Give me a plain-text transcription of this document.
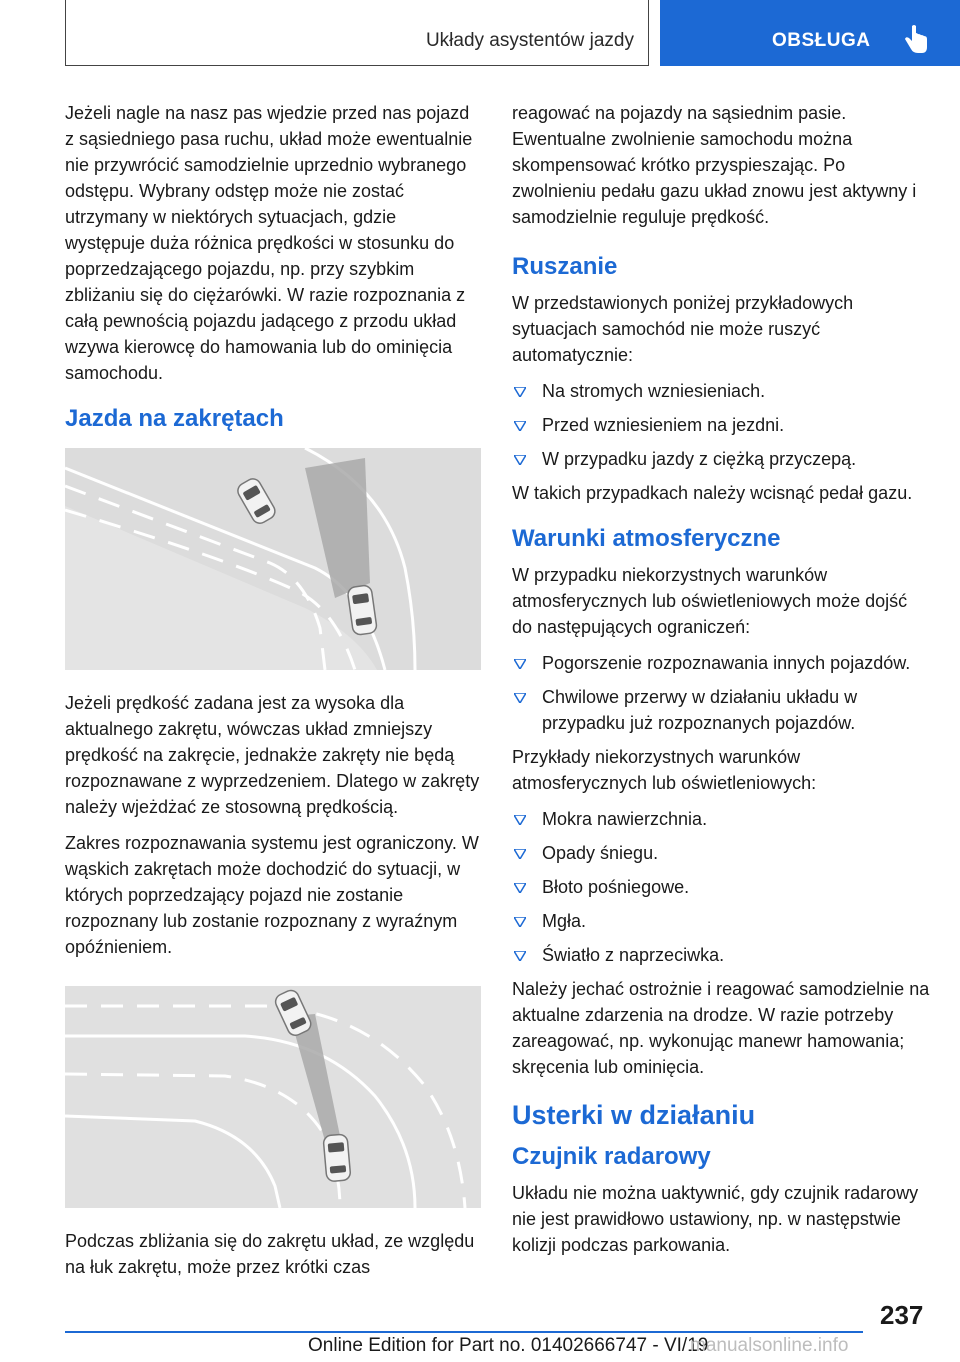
Układy asystentów jazdy	OBSŁUGA

Jeżeli nagle na nasz pas wjedzie przed nas pojazd z sąsiedniego pasa ruchu, układ może ewentualnie nie przywrócić samodzielnie uprzednio wybranego odstępu. Wybrany odstęp może nie zostać utrzymany w niektórych sytuacjach, gdzie występuje duża różnica prędkości w stosunku do poprzedzającego pojazdu, np. przy szybkim zbliżaniu się do ciężarówki. W razie rozpoznania z całą pewnością pojazdu jadącego z przodu układ wzywa kierowcę do hamowania lub do ominięcia samochodu.

Jazda na zakrętach

Jeżeli prędkość zadana jest za wysoka dla aktualnego zakrętu, wówczas układ zmniejszy prędkość na zakręcie, jednakże zakręty nie będą rozpoznawane z wyprzedzeniem. Dlatego w zakręty należy wjeżdżać ze stosowną prędkością.

Zakres rozpoznawania systemu jest ograniczony. W wąskich zakrętach może dochodzić do sytuacji, w których poprzedzający pojazd nie zostanie rozpoznany lub zostanie rozpoznany z wyraźnym opóźnieniem.

Podczas zbliżania się do zakrętu układ, ze względu na łuk zakrętu, może przez krótki czas

reagować na pojazdy na sąsiednim pasie. Ewentualne zwolnienie samochodu można skompensować krótko przyspieszając. Po zwolnieniu pedału gazu układ znowu jest aktywny i samodzielnie reguluje prędkość.

Ruszanie

W przedstawionych poniżej przykładowych sytuacjach samochód nie może ruszyć automatycznie:

Na stromych wzniesieniach.
Przed wzniesieniem na jezdni.
W przypadku jazdy z ciężką przyczepą.

W takich przypadkach należy wcisnąć pedał gazu.

Warunki atmosferyczne

W przypadku niekorzystnych warunków atmosferycznych lub oświetleniowych może dojść do następujących ograniczeń:

Pogorszenie rozpoznawania innych pojazdów.
Chwilowe przerwy w działaniu układu w przypadku już rozpoznanych pojazdów.

Przykłady niekorzystnych warunków atmosferycznych lub oświetleniowych:

Mokra nawierzchnia.
Opady śniegu.
Błoto pośniegowe.
Mgła.
Światło z naprzeciwka.

Należy jechać ostrożnie i reagować samodzielnie na aktualne zdarzenia na drodze. W razie potrzeby zareagować, np. wykonując manewr hamowania; skręcenia lub ominięcia.

Usterki w działaniu
Czujnik radarowy

Układu nie można uaktywnić, gdy czujnik radarowy nie jest prawidłowo ustawiony, np. w następstwie kolizji podczas parkowania.

237
Online Edition for Part no. 01402666747 - VI/19
manualsonline.info
